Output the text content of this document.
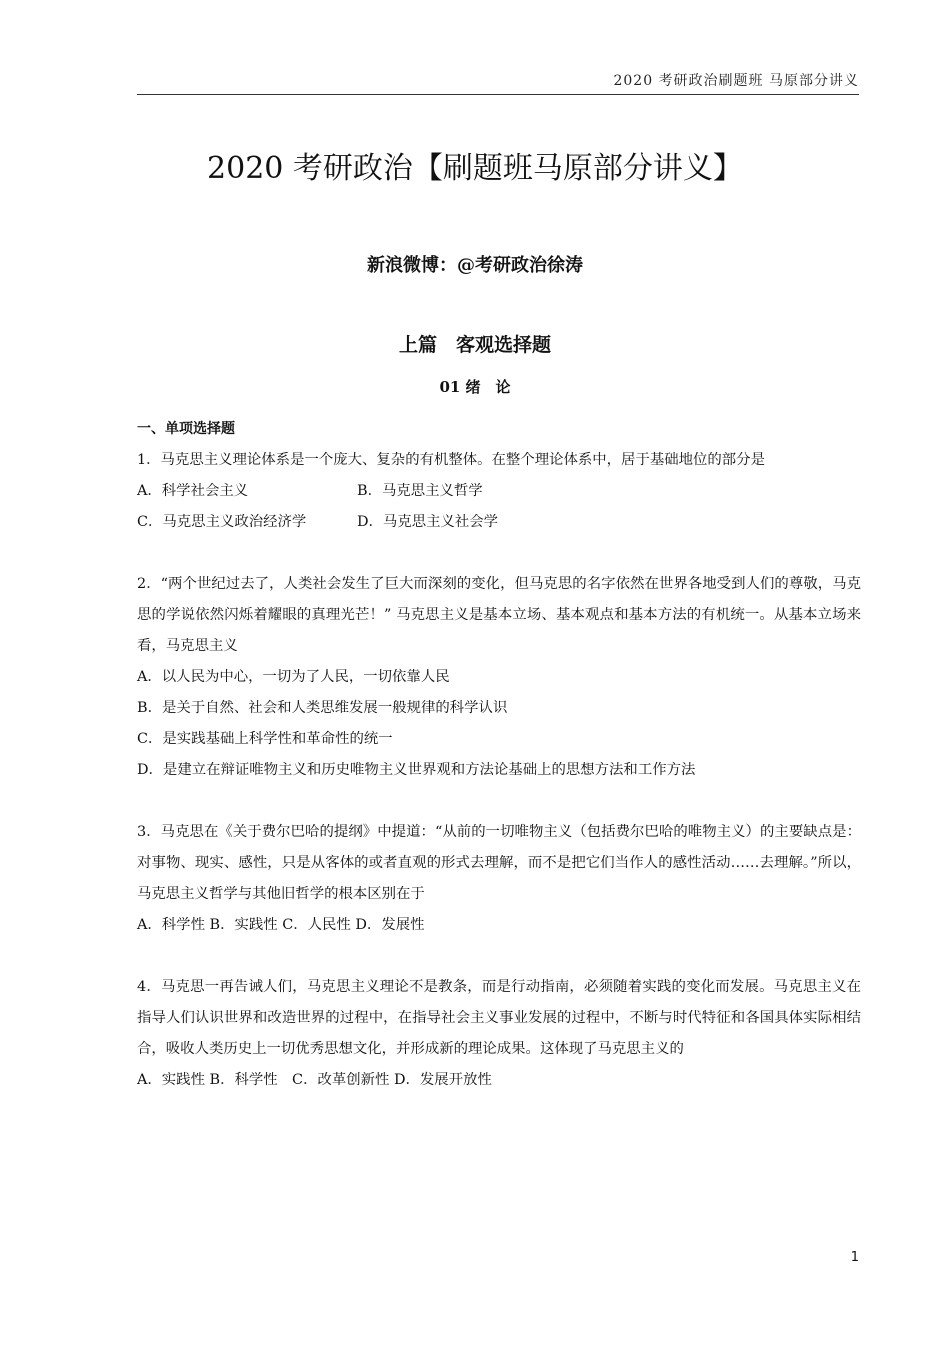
2020 考研政治刷题班 马原部分讲义
2020 考研政治【刷题班马原部分讲义】
新浪微博：@考研政治徐涛
上篇　客观选择题
01 绪　论
一、单项选择题
1．马克思主义理论体系是一个庞大、复杂的有机整体。在整个理论体系中，居于基础地位的部分是
A．科学社会主义	B．马克思主义哲学
C．马克思主义政治经济学	D．马克思主义社会学
2．“两个世纪过去了，人类社会发生了巨大而深刻的变化，但马克思的名字依然在世界各地受到人们的尊敬，马克思的学说依然闪烁着耀眼的真理光芒！” 马克思主义是基本立场、基本观点和基本方法的有机统一。从基本立场来看，马克思主义
A．以人民为中心，一切为了人民，一切依靠人民
B．是关于自然、社会和人类思维发展一般规律的科学认识
C．是实践基础上科学性和革命性的统一
D．是建立在辩证唯物主义和历史唯物主义世界观和方法论基础上的思想方法和工作方法
3．马克思在《关于费尔巴哈的提纲》中提道：“从前的一切唯物主义（包括费尔巴哈的唯物主义）的主要缺点是：对事物、现实、感性，只是从客体的或者直观的形式去理解，而不是把它们当作人的感性活动……去理解。”所以，马克思主义哲学与其他旧哲学的根本区别在于
A．科学性 B．实践性 C．人民性 D．发展性
4．马克思一再告诫人们，马克思主义理论不是教条，而是行动指南，必须随着实践的变化而发展。马克思主义在指导人们认识世界和改造世界的过程中，在指导社会主义事业发展的过程中，不断与时代特征和各国具体实际相结合，吸收人类历史上一切优秀思想文化，并形成新的理论成果。这体现了马克思主义的
A．实践性 B．科学性　C．改革创新性 D．发展开放性
1
